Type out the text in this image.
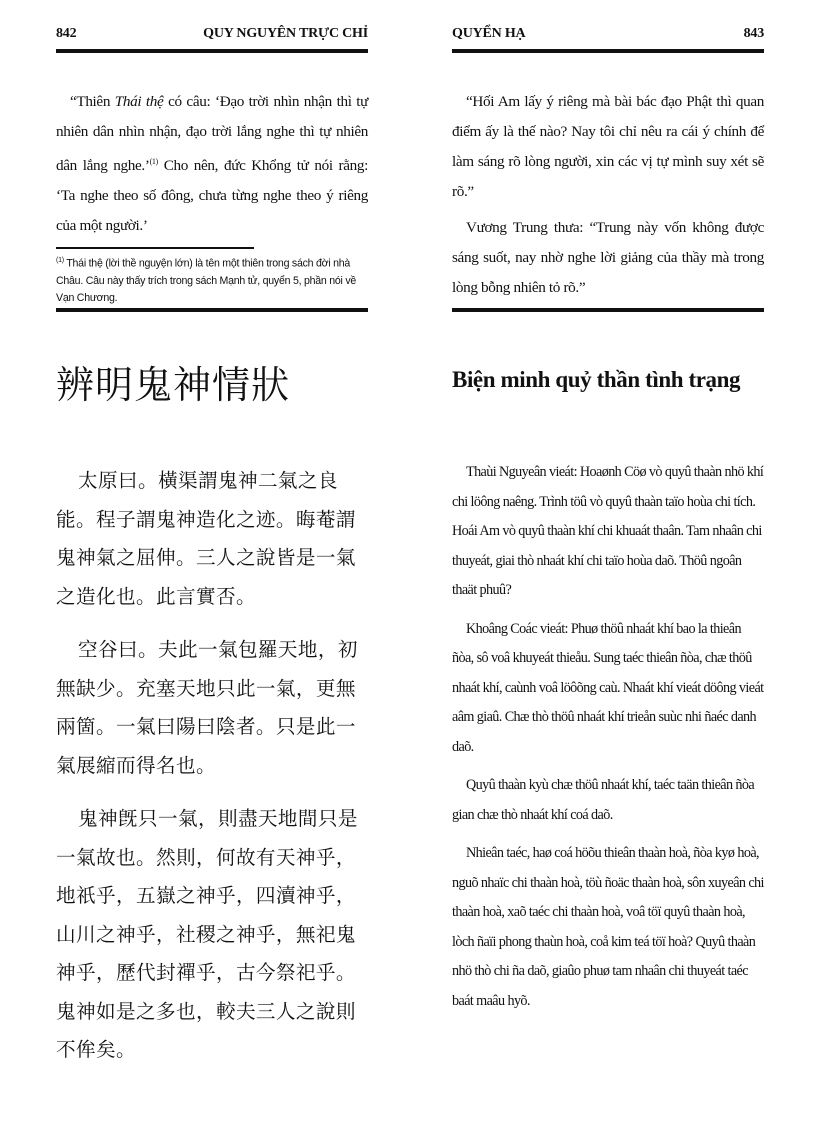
842	QUY NGUYÊN TRỰC CHỈ

“Thiên Thái thệ có câu: ‘Đạo trời nhìn nhận thì tự nhiên dân nhìn nhận, đạo trời lắng nghe thì tự nhiên dân lắng nghe.’$^{(1)}$ Cho nên, đức Khổng tử nói rằng: ‘Ta nghe theo số đông, chưa từng nghe theo ý riêng của một người.’

$^{(1)}$ Thái thệ (lời thề nguyện lớn) là tên một thiên trong sách đời nhà Châu. Câu này thấy trích trong sách Mạnh tử, quyển 5, phần nói về Vạn Chương.
辨明鬼神情狀

太原曰。橫渠謂鬼神二氣之良能。程子謂鬼神造化之迹。晦菴謂鬼神氣之屈伸。三人之說皆是一氣之造化也。此言實否。

空谷曰。夫此一氣包羅天地，初無缺少。充塞天地只此一氣，更無兩箇。一氣曰陽曰陰者。只是此一氣展縮而得名也。

鬼神旣只一氣，則盡天地間只是一氣故也。然則，何故有天神乎，地祇乎，五嶽之神乎，四瀆神乎，山川之神乎，社稷之神乎，無祀鬼神乎，歷代封禪乎，古今祭祀乎。鬼神如是之多也，較夫三人之說則不侔矣。

QUYỂN HẠ	843

“Hối Am lấy ý riêng mà bài bác đạo Phật thì quan điểm ấy là thế nào? Nay tôi chỉ nêu ra cái ý chính để làm sáng rõ lòng người, xin các vị tự mình suy xét sẽ rõ.”

Vương Trung thưa: “Trung này vốn không được sáng suốt, nay nhờ nghe lời giảng của thầy mà trong lòng bỗng nhiên tỏ rõ.”

Biện minh quỷ thần tình trạng

Thaùi Nguyeân vieát: Hoaønh Cöø vò quyû thaàn nhö khí chi löông naêng. Trình töû vò quyû thaàn taïo hoùa chi tích. Hoái Am vò quyû thaàn khí chi khuaát thaân. Tam nhaân chi thuyeát, giai thò nhaát khí chi taïo hoùa daõ. Thöû ngoân thaät phuû?

Khoâng Coác vieát: Phuø thöû nhaát khí bao la thieân ñòa, sô voâ khuyeát thieåu. Sung taéc thieân ñòa, chæ thöû nhaát khí, caùnh voâ löôõng caù. Nhaát khí vieát döông vieát aâm giaû. Chæ thò thöû nhaát khí trieån suùc nhi ñaéc danh daõ.

Quyû thaàn kyù chæ thöû nhaát khí, taéc taän thieân ñòa gian chæ thò nhaát khí coá daõ.

Nhieân taéc, haø coá höõu thieân thaàn hoà, ñòa kyø hoà, nguõ nhaïc chi thaàn hoà, töù ñoäc thaàn hoà, sôn xuyeân chi thaàn hoà, xaõ taéc chi thaàn hoà, voâ töï quyû thaàn hoà, lòch ñaïi phong thaùn hoà, coå kim teá töï hoà? Quyû thaàn nhö thò chi ña daõ, giaûo phuø tam nhaân chi thuyeát taéc baát maâu hyõ.
